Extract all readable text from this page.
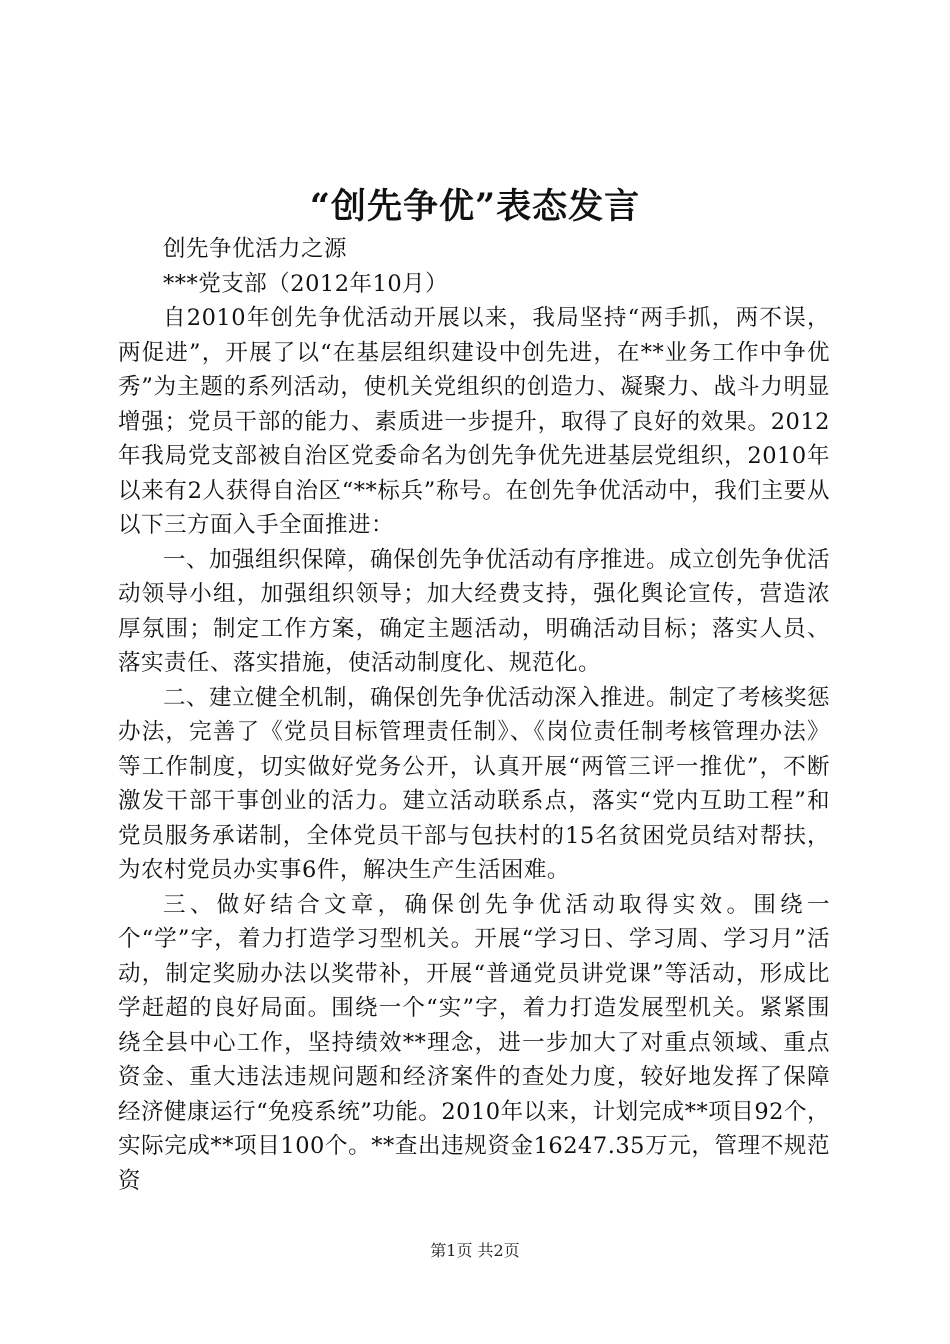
“创先争优”表态发言

创先争优活力之源

***党支部（2012年10月）

自2010年创先争优活动开展以来，我局坚持“两手抓，两不误，两促进”，开展了以“在基层组织建设中创先进，在**业务工作中争优秀”为主题的系列活动，使机关党组织的创造力、凝聚力、战斗力明显增强；党员干部的能力、素质进一步提升，取得了良好的效果。2012年我局党支部被自治区党委命名为创先争优先进基层党组织，2010年以来有2人获得自治区“**标兵”称号。在创先争优活动中，我们主要从以下三方面入手全面推进：

一、加强组织保障，确保创先争优活动有序推进。成立创先争优活动领导小组，加强组织领导；加大经费支持，强化舆论宣传，营造浓厚氛围；制定工作方案，确定主题活动，明确活动目标；落实人员、落实责任、落实措施，使活动制度化、规范化。

二、建立健全机制，确保创先争优活动深入推进。制定了考核奖惩办法，完善了《党员目标管理责任制》、《岗位责任制考核管理办法》等工作制度，切实做好党务公开，认真开展“两管三评一推优”，不断激发干部干事创业的活力。建立活动联系点，落实“党内互助工程”和党员服务承诺制，全体党员干部与包扶村的15名贫困党员结对帮扶，为农村党员办实事6件，解决生产生活困难。

三、做好结合文章，确保创先争优活动取得实效。围绕一个“学”字，着力打造学习型机关。开展“学习日、学习周、学习月”活动，制定奖励办法以奖带补，开展“普通党员讲党课”等活动，形成比学赶超的良好局面。围绕一个“实”字，着力打造发展型机关。紧紧围绕全县中心工作，坚持绩效**理念，进一步加大了对重点领域、重点资金、重大违法违规问题和经济案件的查处力度，较好地发挥了保障经济健康运行“免疫系统”功能。2010年以来，计划完成**项目92个，实际完成**项目100个。**查出违规资金16247.35万元，管理不规范资

第1页 共2页
